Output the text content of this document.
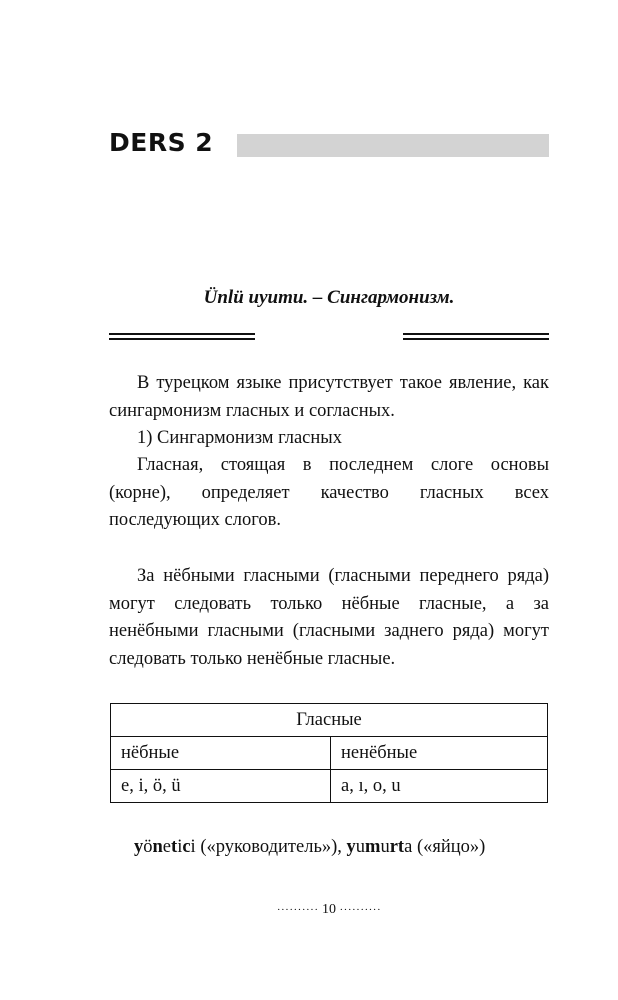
DERS 2
Ünlü uyumu. – Сингармонизм.

В турецком языке присутствует такое явление, как сингармонизм гласных и согласных.

1) Сингармонизм гласных

Гласная, стоящая в последнем слоге основы (корне), определяет качество гласных всех последующих слогов.

За нёбными гласными (гласными переднего ряда) могут следовать только нёбные гласные, а за ненёбными гласными (гласными заднего ряда) могут следовать только ненёбные гласные.

Гласные	
нёбные	ненёбные
e, i, ö, ü	a, ı, o, u
yönetici («руководитель»), yumurta («яйцо»)
·········· 10 ··········
